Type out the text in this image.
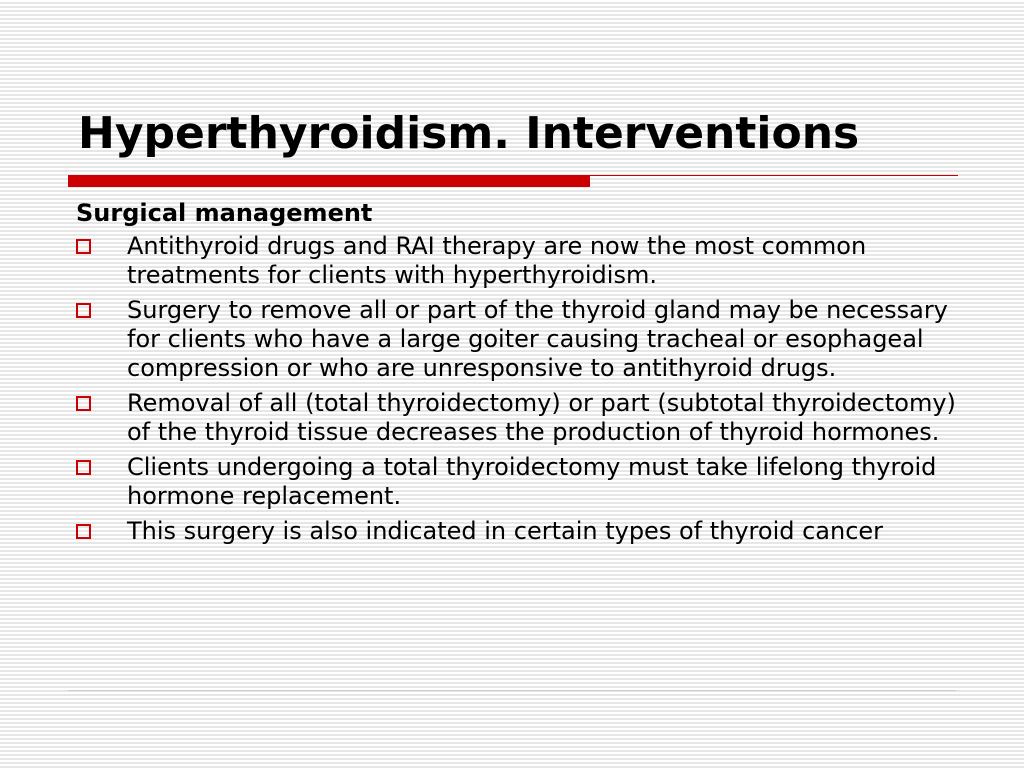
Hyperthyroidism. Interventions
Surgical management
Antithyroid drugs and RAI therapy are now the most common treatments for clients with hyperthyroidism.
Surgery to remove all or part of the thyroid gland may be necessary for clients who have a large goiter causing tracheal or esophageal compression or who are unresponsive to antithyroid drugs.
Removal of all (total thyroidectomy) or part (subtotal thyroidectomy) of the thyroid tissue decreases the production of thyroid hormones.
Clients undergoing a total thyroidectomy must take lifelong thyroid hormone replacement.
This surgery is also indicated in certain types of thyroid cancer
